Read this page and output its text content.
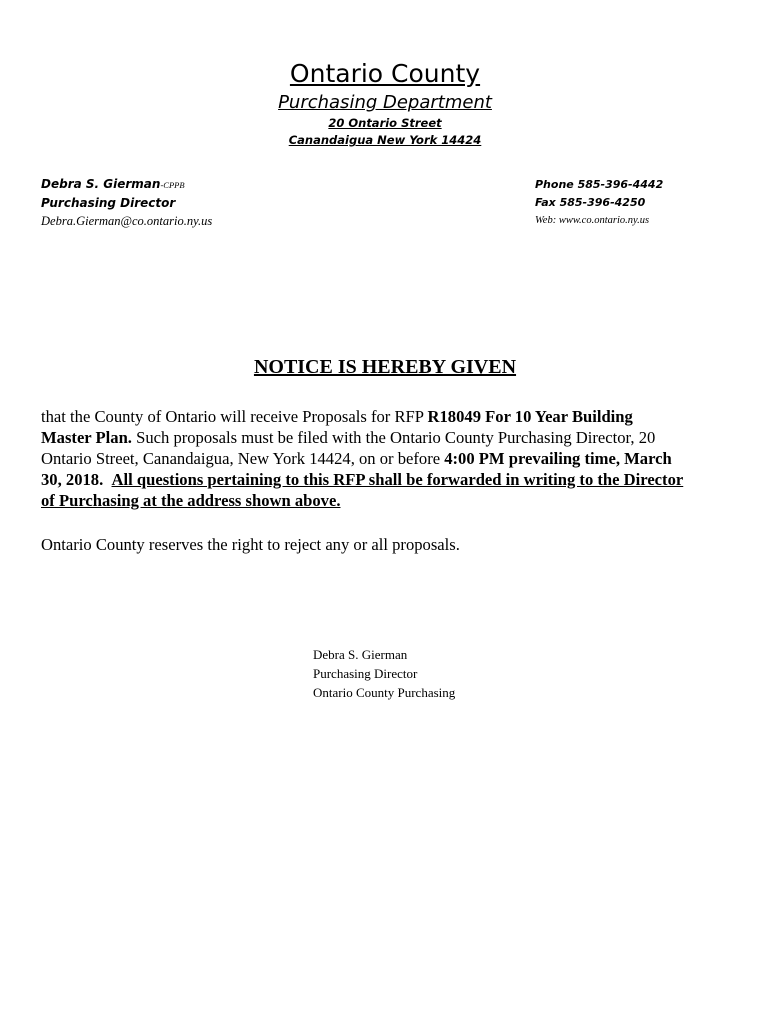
Ontario County
Purchasing Department
20 Ontario Street
Canandaigua New York 14424
Debra S. Gierman-CPPB
Purchasing Director
Debra.Gierman@co.ontario.ny.us
Phone 585-396-4442
Fax 585-396-4250
Web: www.co.ontario.ny.us
NOTICE IS HEREBY GIVEN
that the County of Ontario will receive Proposals for RFP R18049 For 10 Year Building
Master Plan. Such proposals must be filed with the Ontario County Purchasing Director, 20
Ontario Street, Canandaigua, New York 14424, on or before 4:00 PM prevailing time, March
30, 2018. All questions pertaining to this RFP shall be forwarded in writing to the Director
of Purchasing at the address shown above.
Ontario County reserves the right to reject any or all proposals.
Debra S. Gierman
Purchasing Director
Ontario County Purchasing
